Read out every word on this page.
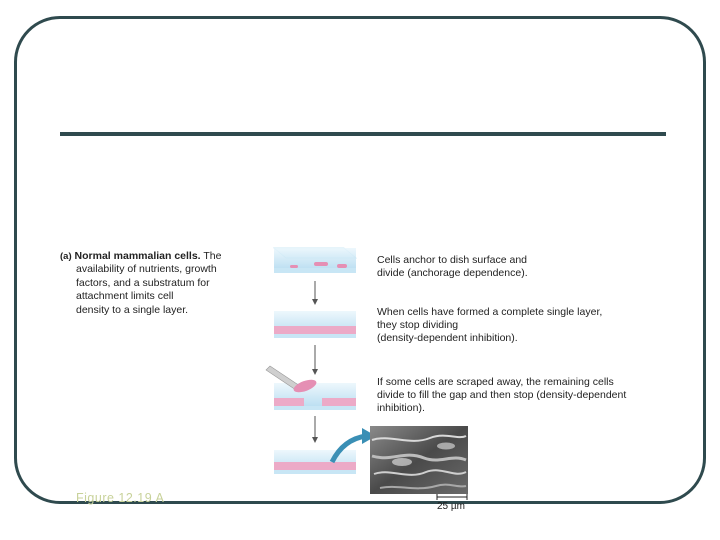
(a) Normal mammalian cells. The
availability of nutrients, growth
factors, and a substratum for
attachment limits cell
density to a single layer.
Cells anchor to dish surface and
divide (anchorage dependence).
When cells have formed a complete single layer,
they stop dividing
(density-dependent inhibition).
If some cells are scraped away, the remaining cells
divide to fill the gap and then stop (density-dependent
inhibition).
25 µm
Figure 12.19 A
